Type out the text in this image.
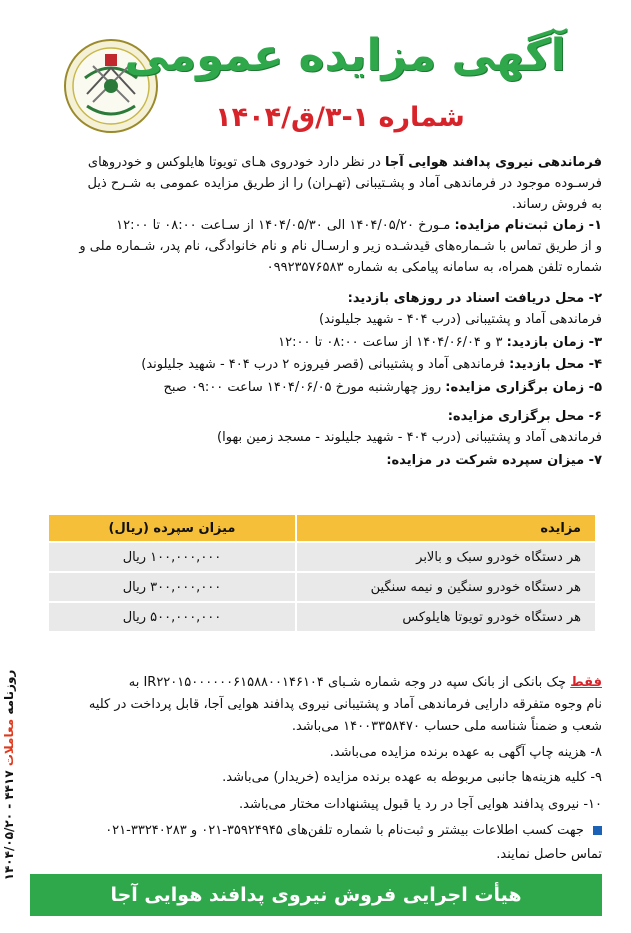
آگهی مزایده عمومی
شماره ۱-۳/ق/۱۴۰۴
فرماندهی نیروی پدافند هوایی آجا در نظر دارد خودروی هـای تویوتا هایلوکس و خودروهای
فرسـوده موجود در فرماندهی آماد و پشـتیبانی (تهـران) را از طریق مزایده عمومی به شـرح ذیل
به فروش رساند.
۱- زمان ثبت‌نام مزایده: مـورخ ۱۴۰۴/۰۵/۲۰ الی ۱۴۰۴/۰۵/۳۰ از سـاعت ۰۸:۰۰ تا ۱۲:۰۰
و از طریق تماس با شـماره‌های قیدشـده زیر و ارسـال نام و نام خانوادگی، نام پدر، شـماره ملی و
شماره تلفن همراه، به سامانه پیامکی به شماره ۰۹۹۲۳۵۷۶۵۸۳
۲- محل دریافت اسناد در روزهای بازدید:
فرماندهی آماد و پشتیبانی (درب ۴۰۴ - شهید جلیلوند)
۳- زمان بازدید: ۳ و ۱۴۰۴/۰۶/۰۴ از ساعت ۰۸:۰۰ تا ۱۲:۰۰
۴- محل بازدید: فرماندهی آماد و پشتیبانی (قصر فیروزه ۲ درب ۴۰۴ - شهید جلیلوند)
۵- زمان برگزاری مزایده: روز چهارشنبه مورخ ۱۴۰۴/۰۶/۰۵ ساعت ۰۹:۰۰ صبح
۶- محل برگزاری مزایده:
فرماندهی آماد و پشتیبانی (درب ۴۰۴ - شهید جلیلوند - مسجد زمین بهوا)
۷- میزان سپرده شرکت در مزایده:
مزایده	میزان سپرده (ریال)
هر دستگاه خودرو سبک و بالابر	۱۰۰,۰۰۰,۰۰۰ ریال
هر دستگاه خودرو سنگین و نیمه سنگین	۳۰۰,۰۰۰,۰۰۰ ریال
هر دستگاه خودرو تویوتا هایلوکس	۵۰۰,۰۰۰,۰۰۰ ریال
فقط چک بانکی از بانک سپه در وجه شماره شـبای IR۲۲۰۱۵۰۰۰۰۰۰۶۱۵۸۸۰۰۱۴۶۱۰۴ به
نام وجوه متفرقه دارایی فرماندهی آماد و پشتیبانی نیروی پدافند هوایی آجا، قابل پرداخت در کلیه
شعب و ضمناً شناسه ملی حساب ۱۴۰۰۳۳۵۸۴۷۰ می‌باشد.
۸- هزینه چاپ آگهی به عهده برنده مزایده می‌باشد.
۹- کلیه هزینه‌ها جانبی مربوطه به عهده برنده مزایده (خریدار) می‌باشد.
۱۰- نیروی پدافند هوایی آجا در رد یا قبول پیشنهادات مختار می‌باشد.
جهت کسب اطلاعات بیشتر و ثبت‌نام با شماره تلفن‌های ۳۵۹۲۴۹۴۵-۰۲۱ و ۳۳۲۴۰۲۸۳-۰۲۱
تماس حاصل نمایند.
روزنامه معاملات ۴۴۱۷ - ۱۴۰۴/۰۵/۲۰
هیأت اجرایی فروش نیروی پدافند هوایی آجا
